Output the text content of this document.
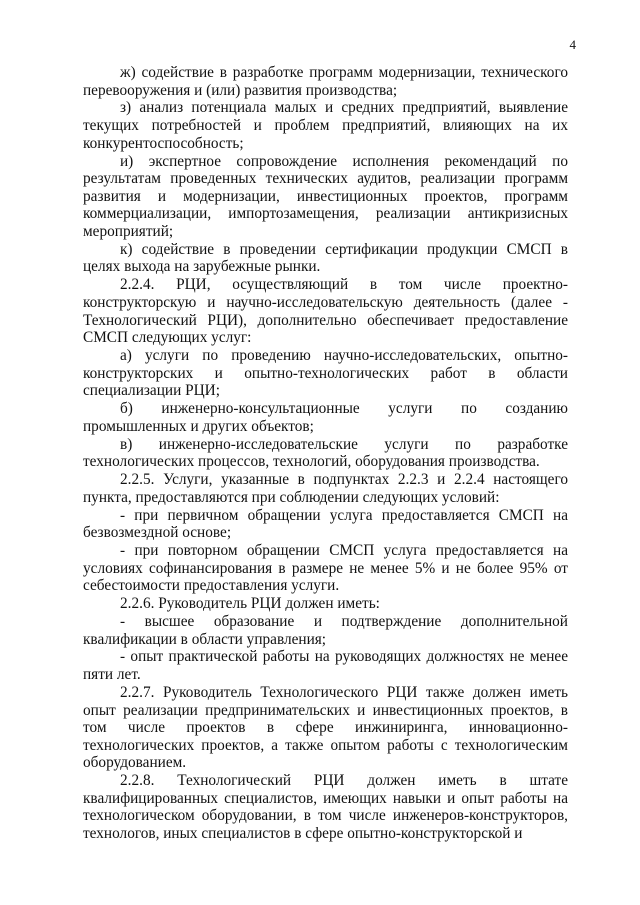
4

ж) содействие в разработке программ модернизации, технического перевооружения и (или) развития производства;

з) анализ потенциала малых и средних предприятий, выявление текущих потребностей и проблем предприятий, влияющих на их конкурентоспособность;

и) экспертное сопровождение исполнения рекомендаций по результатам проведенных технических аудитов, реализации программ развития и модернизации, инвестиционных проектов, программ коммерциализации, импортозамещения, реализации антикризисных мероприятий;

к) содействие в проведении сертификации продукции СМСП в целях выхода на зарубежные рынки.

2.2.4. РЦИ, осуществляющий в том числе проектно-конструкторскую и научно-исследовательскую деятельность (далее - Технологический РЦИ), дополнительно обеспечивает предоставление СМСП следующих услуг:

а) услуги по проведению научно-исследовательских, опытно-конструкторских и опытно-технологических работ в области специализации РЦИ;

б) инженерно-консультационные услуги по созданию промышленных и других объектов;

в) инженерно-исследовательские услуги по разработке технологических процессов, технологий, оборудования производства.

2.2.5. Услуги, указанные в подпунктах 2.2.3 и 2.2.4 настоящего пункта, предоставляются при соблюдении следующих условий:

- при первичном обращении услуга предоставляется СМСП на безвозмездной основе;

- при повторном обращении СМСП услуга предоставляется на условиях софинансирования в размере не менее 5% и не более 95% от себестоимости предоставления услуги.

2.2.6. Руководитель РЦИ должен иметь:

- высшее образование и подтверждение дополнительной квалификации в области управления;

- опыт практической работы на руководящих должностях не менее пяти лет.

2.2.7. Руководитель Технологического РЦИ также должен иметь опыт реализации предпринимательских и инвестиционных проектов, в том числе проектов в сфере инжиниринга, инновационно-технологических проектов, а также опытом работы с технологическим оборудованием.

2.2.8. Технологический РЦИ должен иметь в штате квалифицированных специалистов, имеющих навыки и опыт работы на технологическом оборудовании, в том числе инженеров-конструкторов, технологов, иных специалистов в сфере опытно-конструкторской и
